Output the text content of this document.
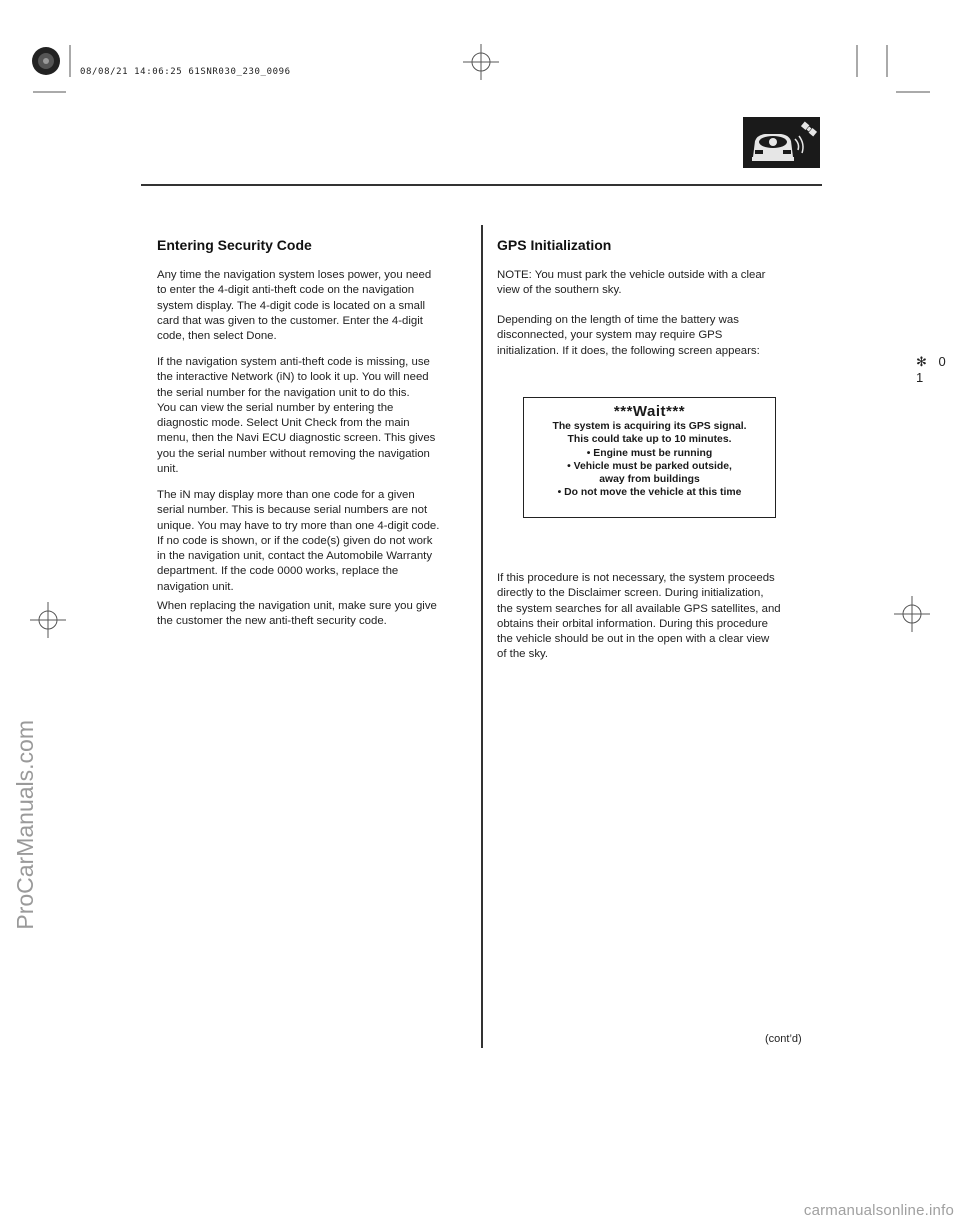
08/08/21 14:06:25 61SNR030_230_0096
ProCarManuals.com
carmanualsonline.info
✻ 0 1
Entering Security Code

Any time the navigation system loses power, you need
to enter the 4-digit anti-theft code on the navigation
system display. The 4-digit code is located on a small
card that was given to the customer. Enter the 4-digit
code, then select Done.

If the navigation system anti-theft code is missing, use
the interactive Network (iN) to look it up. You will need
the serial number for the navigation unit to do this.
You can view the serial number by entering the
diagnostic mode. Select Unit Check from the main
menu, then the Navi ECU diagnostic screen. This gives
you the serial number without removing the navigation
unit.

The iN may display more than one code for a given
serial number. This is because serial numbers are not
unique. You may have to try more than one 4-digit code.
If no code is shown, or if the code(s) given do not work
in the navigation unit, contact the Automobile Warranty
department. If the code 0000 works, replace the
navigation unit.

When replacing the navigation unit, make sure you give
the customer the new anti-theft security code.

GPS Initialization

NOTE: You must park the vehicle outside with a clear
view of the southern sky.

Depending on the length of time the battery was
disconnected, your system may require GPS
initialization. If it does, the following screen appears:

***Wait***
The system is acquiring its GPS signal.
This could take up to 10 minutes.
• Engine must be running
• Vehicle must be parked outside,
away from buildings
• Do not move the vehicle at this time

If this procedure is not necessary, the system proceeds
directly to the Disclaimer screen. During initialization,
the system searches for all available GPS satellites, and
obtains their orbital information. During this procedure
the vehicle should be out in the open with a clear view
of the sky.

(cont’d)
